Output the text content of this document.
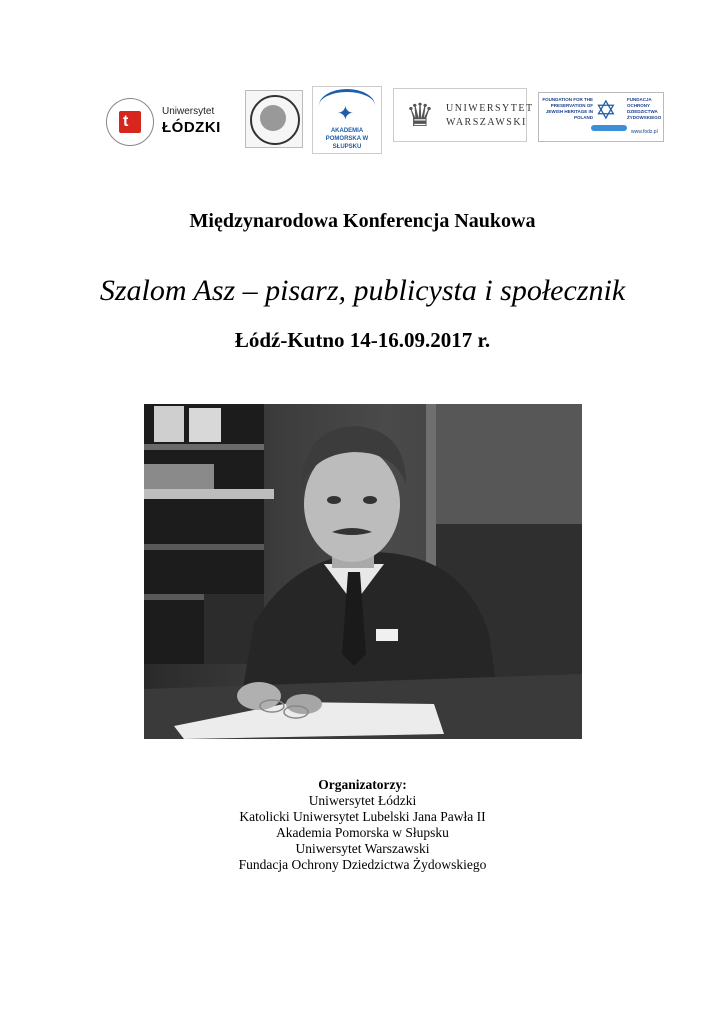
t
Uniwersytet
ŁÓDZKI
✦
AKADEMIA POMORSKA W SŁUPSKU
♛	UNIWERSYTET
WARSZAWSKI
FOUNDATION FOR THE PRESERVATION OF JEWISH HERITAGE IN POLAND ✡ FUNDACJA OCHRONY DZIEDZICTWA ŻYDOWSKIEGO
www.fodz.pl
Międzynarodowa Konferencja Naukowa
Szalom Asz – pisarz, publicysta i społecznik
Łódź-Kutno 14-16.09.2017 r.
Organizatorzy:
Uniwersytet Łódzki
Katolicki Uniwersytet Lubelski Jana Pawła II
Akademia Pomorska w Słupsku
Uniwersytet Warszawski
Fundacja Ochrony Dziedzictwa Żydowskiego
